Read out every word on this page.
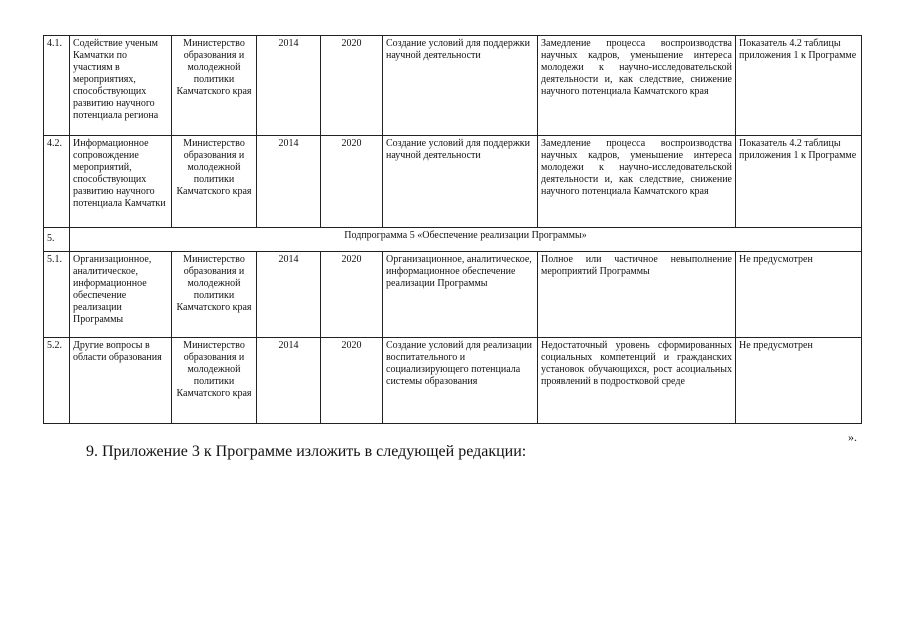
4.1.	Содействие ученым Камчатки по участиям в мероприятиях, способствующих развитию научного потенциала региона	Министерство образования и молодежной политики Камчатского края	2014	2020	Создание условий для поддержки научной деятельности	Замедление процесса воспроизводства научных кадров, уменьшение интереса молодежи к научно-исследовательской деятельности и, как следствие, снижение научного потенциала Камчатского края	Показатель 4.2 таблицы приложения 1 к Программе
4.2.	Информационное сопровождение мероприятий, способствующих развитию научного потенциала Камчатки	Министерство образования и молодежной политики Камчатского края	2014	2020	Создание условий для поддержки научной деятельности	Замедление процесса воспроизводства научных кадров, уменьшение интереса молодежи к научно-исследовательской деятельности и, как следствие, снижение научного потенциала Камчатского края	Показатель 4.2 таблицы приложения 1 к Программе
5.	Подпрограмма 5 «Обеспечение реализации Программы»						
5.1.	Организационное, аналитическое, информационное обеспечение реализации Программы	Министерство образования и молодежной политики Камчатского края	2014	2020	Организационное, аналитическое, информационное обеспечение реализации Программы	Полное или частичное невыполнение мероприятий Программы	Не предусмотрен
5.2.	Другие вопросы в области образования	Министерство образования и молодежной политики Камчатского края	2014	2020	Создание условий для реализации воспитательного и социализирующего потенциала системы образования	Недостаточный уровень сформированных социальных компетенций и гражданских установок обучающихся, рост асоциальных проявлений в подростковой среде	Не предусмотрен
».
9. Приложение 3 к Программе изложить в следующей редакции:
